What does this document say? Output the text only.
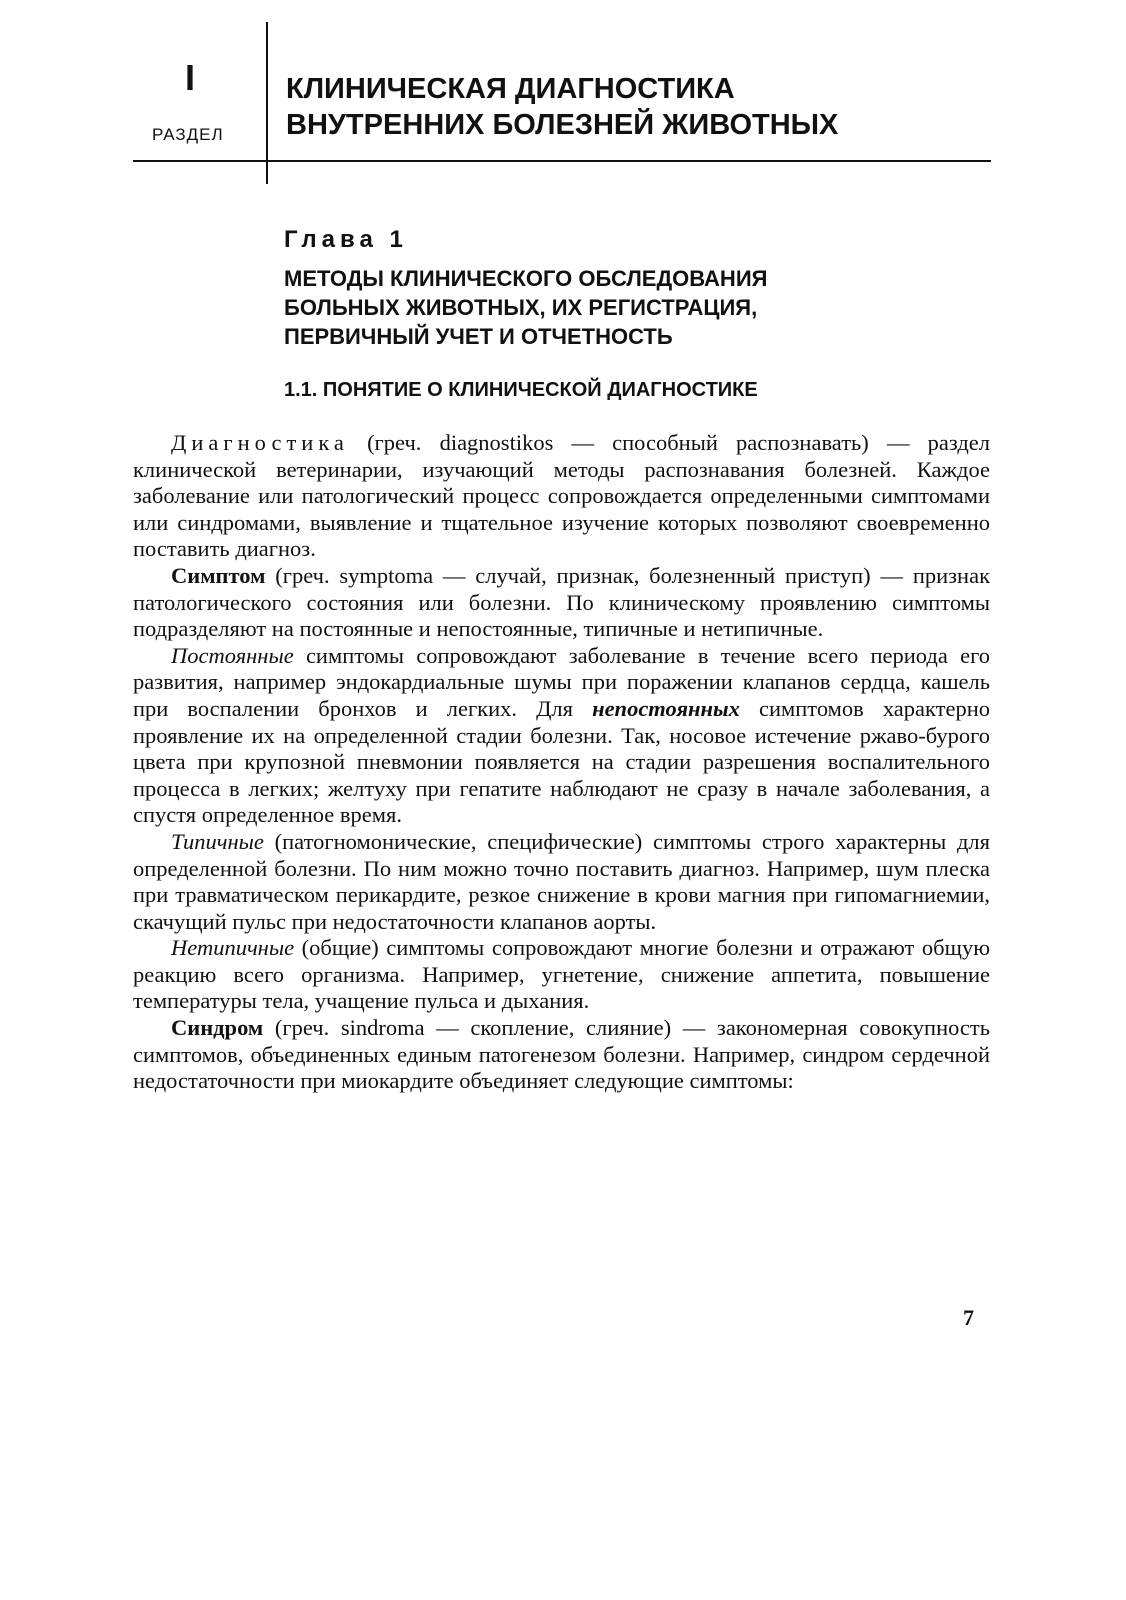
I
РАЗДЕЛ
КЛИНИЧЕСКАЯ ДИАГНОСТИКА
ВНУТРЕННИХ БОЛЕЗНЕЙ ЖИВОТНЫХ
Глава 1
МЕТОДЫ КЛИНИЧЕСКОГО ОБСЛЕДОВАНИЯ
БОЛЬНЫХ ЖИВОТНЫХ, ИХ РЕГИСТРАЦИЯ,
ПЕРВИЧНЫЙ УЧЕТ И ОТЧЕТНОСТЬ
1.1. ПОНЯТИЕ О КЛИНИЧЕСКОЙ ДИАГНОСТИКЕ

Диагностика (греч. diagnostikos — способный распознавать) — раздел клинической ветеринарии, изучающий методы распознавания болезней. Каждое заболевание или патологический процесс сопровождается определенными симптомами или синдромами, выявление и тщательное изучение которых позволяют своевременно поставить диагноз.

Симптом (греч. symptoma — случай, признак, болезненный приступ) — признак патологического состояния или болезни. По клиническому проявлению симптомы подразделяют на постоянные и непостоянные, типичные и нетипичные.

Постоянные симптомы сопровождают заболевание в течение всего периода его развития, например эндокардиальные шумы при поражении клапанов сердца, кашель при воспалении бронхов и легких. Для непостоянных симптомов характерно проявление их на определенной стадии болезни. Так, носовое истечение ржаво-бурого цвета при крупозной пневмонии появляется на стадии разрешения воспалительного процесса в легких; желтуху при гепатите наблюдают не сразу в начале заболевания, а спустя определенное время.

Типичные (патогномонические, специфические) симптомы строго характерны для определенной болезни. По ним можно точно поставить диагноз. Например, шум плеска при травматическом перикардите, резкое снижение в крови магния при гипомагниемии, скачущий пульс при недостаточности клапанов аорты.

Нетипичные (общие) симптомы сопровождают многие болезни и отражают общую реакцию всего организма. Например, угнетение, снижение аппетита, повышение температуры тела, учащение пульса и дыхания.

Синдром (греч. sindroma — скопление, слияние) — закономерная совокупность симптомов, объединенных единым патогенезом болезни. Например, синдром сердечной недостаточности при миокардите объединяет следующие симптомы:

7
